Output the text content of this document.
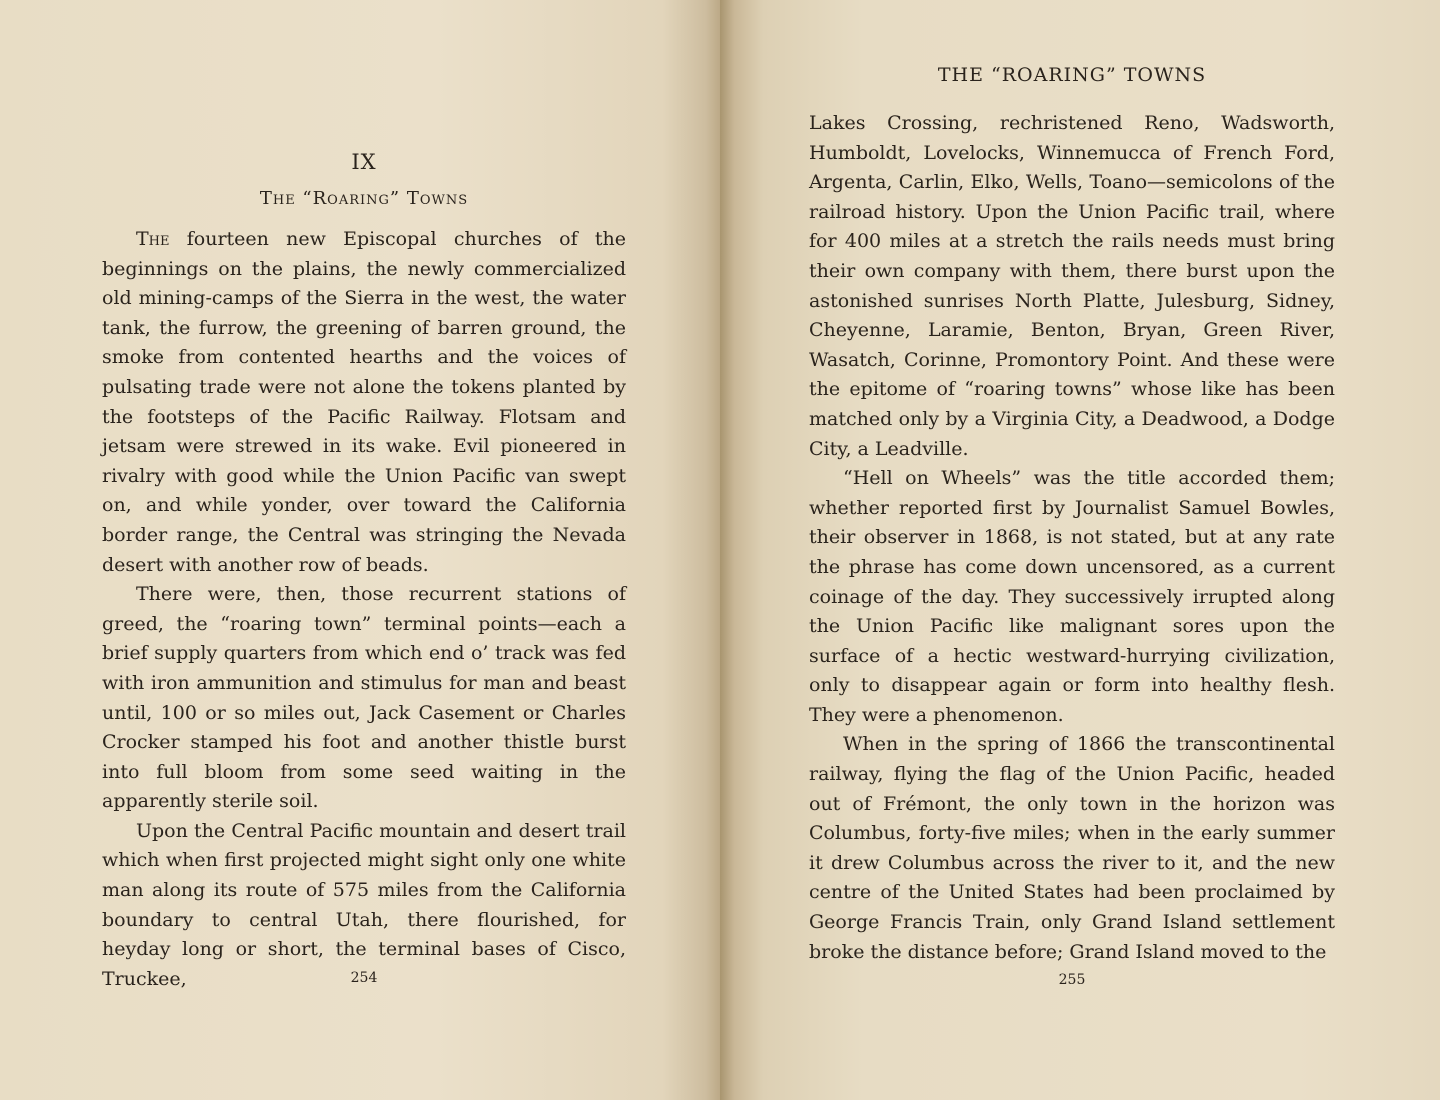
IX
The “Roaring” Towns

The fourteen new Episcopal churches of the beginnings on the plains, the newly commercialized old mining-camps of the Sierra in the west, the water tank, the furrow, the greening of barren ground, the smoke from contented hearths and the voices of pulsating trade were not alone the tokens planted by the footsteps of the Pacific Railway. Flotsam and jetsam were strewed in its wake. Evil pioneered in rivalry with good while the Union Pacific van swept on, and while yonder, over toward the California border range, the Central was stringing the Nevada desert with another row of beads.

There were, then, those recurrent stations of greed, the “roaring town” terminal points—each a brief supply quarters from which end o’ track was fed with iron ammunition and stimulus for man and beast until, 100 or so miles out, Jack Casement or Charles Crocker stamped his foot and another thistle burst into full bloom from some seed waiting in the apparently sterile soil.

Upon the Central Pacific mountain and desert trail which when first projected might sight only one white man along its route of 575 miles from the California boundary to central Utah, there flourished, for heyday long or short, the terminal bases of Cisco, Truckee,	254
THE “ROARING” TOWNS

Lakes Crossing, rechristened Reno, Wadsworth, Humboldt, Lovelocks, Winnemucca of French Ford, Argenta, Carlin, Elko, Wells, Toano—semicolons of the railroad history. Upon the Union Pacific trail, where for 400 miles at a stretch the rails needs must bring their own company with them, there burst upon the astonished sunrises North Platte, Julesburg, Sidney, Cheyenne, Laramie, Benton, Bryan, Green River, Wasatch, Corinne, Promontory Point. And these were the epitome of “roaring towns” whose like has been matched only by a Virginia City, a Deadwood, a Dodge City, a Leadville.

“Hell on Wheels” was the title accorded them; whether reported first by Journalist Samuel Bowles, their observer in 1868, is not stated, but at any rate the phrase has come down uncensored, as a current coinage of the day. They successively irrupted along the Union Pacific like malignant sores upon the surface of a hectic westward-hurrying civilization, only to disappear again or form into healthy flesh. They were a phenomenon.

When in the spring of 1866 the transcontinental railway, flying the flag of the Union Pacific, headed out of Frémont, the only town in the horizon was Columbus, forty-five miles; when in the early summer it drew Columbus across the river to it, and the new centre of the United States had been proclaimed by George Francis Train, only Grand Island settlement broke the distance before; Grand Island moved to the

255
